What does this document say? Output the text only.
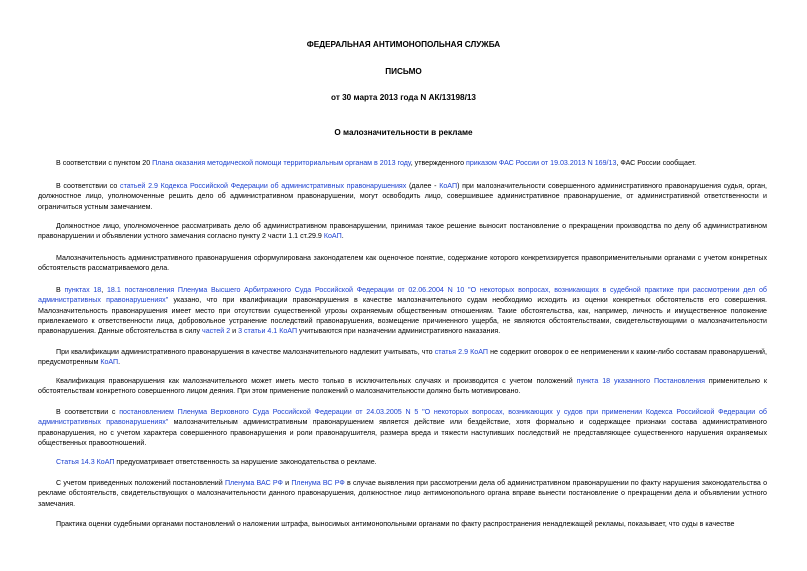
ФЕДЕРАЛЬНАЯ АНТИМОНОПОЛЬНАЯ СЛУЖБА
ПИСЬМО
от 30 марта 2013 года N АК/13198/13
О малозначительности в рекламе
В соответствии с пунктом 20 Плана оказания методической помощи территориальным органам в 2013 году, утвержденного приказом ФАС России от 19.03.2013 N 169/13, ФАС России сообщает.
В соответствии со статьей 2.9 Кодекса Российской Федерации об административных правонарушениях (далее - КоАП) при малозначительности совершенного административного правонарушения судья, орган, должностное лицо, уполномоченные решить дело об административном правонарушении, могут освободить лицо, совершившее административное правонарушение, от административной ответственности и ограничиться устным замечанием.
Должностное лицо, уполномоченное рассматривать дело об административном правонарушении, принимая такое решение выносит постановление о прекращении производства по делу об административном правонарушении и объявлении устного замечания согласно пункту 2 части 1.1 ст.29.9 КоАП.
Малозначительность административного правонарушения сформулирована законодателем как оценочное понятие, содержание которого конкретизируется правоприменительными органами с учетом конкретных обстоятельств рассматриваемого дела.
В пунктах 18, 18.1 постановления Пленума Высшего Арбитражного Суда Российской Федерации от 02.06.2004 N 10 "О некоторых вопросах, возникающих в судебной практике при рассмотрении дел об административных правонарушениях" указано, что при квалификации правонарушения в качестве малозначительного судам необходимо исходить из оценки конкретных обстоятельств его совершения. Малозначительность правонарушения имеет место при отсутствии существенной угрозы охраняемым общественным отношениям. Такие обстоятельства, как, например, личность и имущественное положение привлекаемого к ответственности лица, добровольное устранение последствий правонарушения, возмещение причиненного ущерба, не являются обстоятельствами, свидетельствующими о малозначительности правонарушения. Данные обстоятельства в силу частей 2 и 3 статьи 4.1 КоАП учитываются при назначении административного наказания.
При квалификации административного правонарушения в качестве малозначительного надлежит учитывать, что статья 2.9 КоАП не содержит оговорок о ее неприменении к каким-либо составам правонарушений, предусмотренным КоАП.
Квалификация правонарушения как малозначительного может иметь место только в исключительных случаях и производится с учетом положений пункта 18 указанного Постановления применительно к обстоятельствам конкретного совершенного лицом деяния. При этом применение положений о малозначительности должно быть мотивировано.
В соответствии с постановлением Пленума Верховного Суда Российской Федерации от 24.03.2005 N 5 "О некоторых вопросах, возникающих у судов при применении Кодекса Российской Федерации об административных правонарушениях" малозначительным административным правонарушением является действие или бездействие, хотя формально и содержащее признаки состава административного правонарушения, но с учетом характера совершенного правонарушения и роли правонарушителя, размера вреда и тяжести наступивших последствий не представляющее существенного нарушения охраняемых общественных правоотношений.
Статья 14.3 КоАП предусматривает ответственность за нарушение законодательства о рекламе.
С учетом приведенных положений постановлений Пленума ВАС РФ и Пленума ВС РФ в случае выявления при рассмотрении дела об административном правонарушении по факту нарушения законодательства о рекламе обстоятельств, свидетельствующих о малозначительности данного правонарушения, должностное лицо антимонопольного органа вправе вынести постановление о прекращении дела и объявлении устного замечания.
Практика оценки судебными органами постановлений о наложении штрафа, выносимых антимонопольными органами по факту распространения ненадлежащей рекламы, показывает, что суды в качестве
